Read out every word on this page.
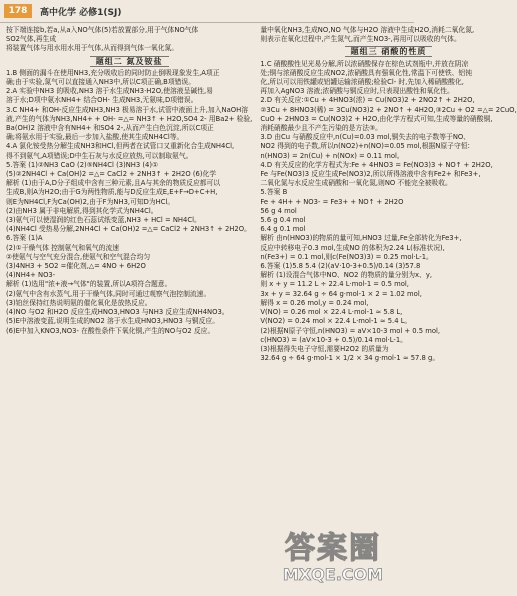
178	高中化学 必修1(SJ)
按下端连接b,若a,从a入NO气体(5)若放置部分,用于气体NO气体
SO2气体,再生成
将装置气体与用水用水用于气体,从而得到气体一氧化氮。
题组二 氮及铵盐
1.B 侧面的漏斗在使用NH3,充分吸收后的同时防止倒吸现象发生,A项正
确;由于实验,氮气可以直接通入NH3中,所以C项正确,B项错误。
2.A 实验中NH3 的吸收,NH3 溶于水生成NH3·H2O,使溶液呈碱性,易
溶于水;D项中氨水NH4+ 结合OH- 生成NH3,无氨味,D项错误。
3.C NH4+ 和OH-反应生成NH3,NH3 极易溶于水,试管中液面上升,加入NaOH溶
液,产生的气体为NH3,NH4+ + OH- =△= NH3↑ + H2O,SO4 2- 用Ba2+ 检验,
Ba(OH)2 溶液中含有NH4+ 和SO4 2-,从而产生白色沉淀,所以C项正
确;将氨水用于实验,最后一步加入盐酸,使其生成NH4Cl等。
4.A 氯化铵受热分解生成NH3和HCl,但两者在试管口又重新化合生成NH4Cl,
得不到氨气,A项错误;D中生石灰与水反应放热,可以制取氨气。
5.答案 (1)②NH3 CaO (2)⑤NH4Cl (3)NH3 (4)①
(5)②2NH4Cl + Ca(OH)2 =△= CaCl2 + 2NH3↑ + 2H2O (6)化学
解析 (1)由于A,D分子组成中含有三种元素,且A与其余的物质反应都可以
生成B,则A为H2O;由于G为两性物质,能与D反应生成E,E+F→D+C+H,
则E为NH4Cl,F为Ca(OH)2,由于F为NH3,可知D为HCl。
(2)由NH3 属于非电解质,得到其化学式为NH4Cl。
(3)氨气可以使湿润的红色石蕊试纸变蓝,NH3 + HCl = NH4Cl。
(4)NH4Cl 受热易分解,2NH4Cl + Ca(OH)2 =△= CaCl2 + 2NH3↑ + 2H2O。
6.答案 (1)A
(2)①干燥气体 控制氨气和氧气的流速
②使氨气与空气充分混合,使氨气和空气混合均匀
(3)4NH3 + 5O2 =催化剂,△= 4NO + 6H2O
(4)NH4+ NO3-
解析 (1)选用"浓+液→气体"的装置,所以A项符合题意。
(2)氨气中含有水蒸气,用于干燥气体,同时可通过观察气泡控制流速。
(3)铂丝保持红热说明氨的催化氧化是放热反应。
(4)NO 与O2 和H2O 反应生成HNO3,HNO3 与NH3 反应生成NH4NO3。
(5)E中溶液变蓝,说明生成的NO2 溶于水生成HNO3,HNO3 与铜反应。
(6)E中加入KNO3,NO3- 在酸性条件下氧化铜,产生的NO与O2 反应。
量中氧化NH3,生成NO,NO 气体与H2O 溶液中生成H2O,消耗二氧化氮,
则表示在氧化过程中,产生氮气,而产生NO3-,再用可以吸收的气体。
题组三 硝酸的性质
1.C 硝酸酸性见光易分解,所以浓硝酸保存在棕色试剂瓶中,并放在阴凉
处;铜与浓硝酸反应生成NO2,浓硝酸具有强氧化性,常温下可使铁、铝钝
化,所以可以用铁罐或铝罐运输浓硝酸;检验Cl- 时,先加入稀硝酸酸化,
再加入AgNO3 溶液;浓硝酸与铜反应时,只表现出酸性和氧化性。
2.D 有关反应:①Cu + 4HNO3(浓) = Cu(NO3)2 + 2NO2↑ + 2H2O,
②3Cu + 8HNO3(稀) = 3Cu(NO3)2 + 2NO↑ + 4H2O,③2Cu + O2 =△= 2CuO,
CuO + 2HNO3 = Cu(NO3)2 + H2O,由化学方程式可知,生成等量的硝酸铜,
消耗硝酸最少且不产生污染的是方法③。
3.D 由Cu 与硝酸反应中,n(Cu)=0.03 mol,铜失去的电子数等于NO、
NO2 得到的电子数,所以n(NO2)+n(NO)=0.05 mol,根据N原子守恒:
n(HNO3) = 2n(Cu) + n(NOx) = 0.11 mol。
4.D 有关反应的化学方程式为:Fe + 4HNO3 = Fe(NO3)3 + NO↑ + 2H2O,
Fe 与Fe(NO3)3 反应生成Fe(NO3)2,所以所得溶液中含有Fe2+ 和Fe3+,
二氧化氮与水反应生成硝酸和一氧化氮,则NO 不能完全被吸收。
5.答案 B
Fe + 4H+ + NO3- = Fe3+ + NO↑ + 2H2O
56 g 4 mol
5.6 g 0.4 mol
6.4 g 0.1 mol
解析 由n(HNO3)的物质的量可知,HNO3 过量,Fe全部转化为Fe3+,
反应中转移电子0.3 mol,生成NO 的体积为2.24 L(标准状况),
n(Fe3+) = 0.1 mol,则c(Fe(NO3)3) = 0.25 mol·L-1。
6.答案 (1)5.8 5.4 (2)(aV·10-3+0.5)/0.14 (3)57.8
解析 (1)设混合气体中NO、NO2 的物质的量分别为x、y,
则 x + y = 11.2 L ÷ 22.4 L·mol-1 = 0.5 mol,
3x + y = 32.64 g ÷ 64 g·mol-1 × 2 = 1.02 mol,
解得 x = 0.26 mol,y = 0.24 mol,
V(NO) = 0.26 mol × 22.4 L·mol-1 ≈ 5.8 L,
V(NO2) = 0.24 mol × 22.4 L·mol-1 ≈ 5.4 L。
(2)根据N原子守恒,n(HNO3) = aV×10-3 mol + 0.5 mol,
c(HNO3) = (aV×10-3 + 0.5)/0.14 mol·L-1。
(3)根据得失电子守恒,需要H2O2 的质量为
32.64 g ÷ 64 g·mol-1 × 1/2 × 34 g·mol-1 ≈ 57.8 g。
答案圈
MXQE.COM
